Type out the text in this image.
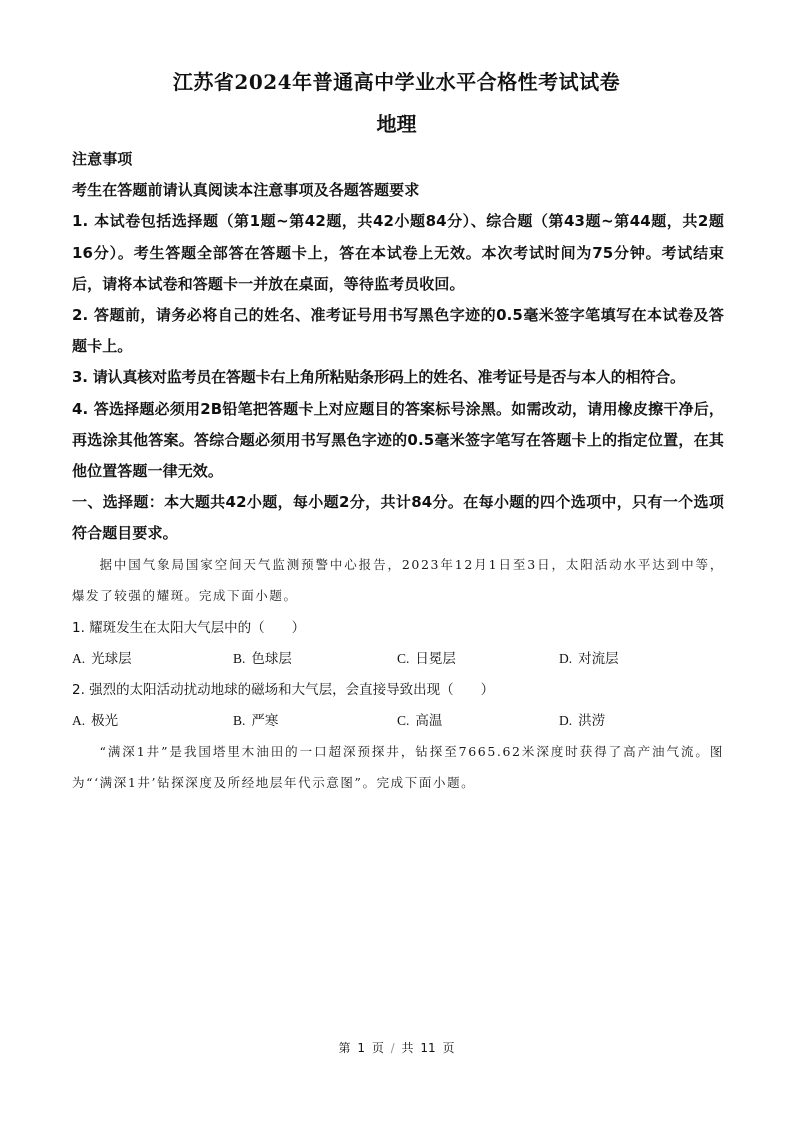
江苏省2024年普通高中学业水平合格性考试试卷
地理

注意事项

考生在答题前请认真阅读本注意事项及各题答题要求

1. 本试卷包括选择题（第1题~第42题，共42小题84分）、综合题（第43题~第44题，共2题16分）。考生答题全部答在答题卡上，答在本试卷上无效。本次考试时间为75分钟。考试结束后，请将本试卷和答题卡一并放在桌面，等待监考员收回。

2. 答题前，请务必将自己的姓名、准考证号用书写黑色字迹的0.5毫米签字笔填写在本试卷及答题卡上。

3. 请认真核对监考员在答题卡右上角所粘贴条形码上的姓名、准考证号是否与本人的相符合。

4. 答选择题必须用2B铅笔把答题卡上对应题目的答案标号涂黑。如需改动，请用橡皮擦干净后，再选涂其他答案。答综合题必须用书写黑色字迹的0.5毫米签字笔写在答题卡上的指定位置，在其他位置答题一律无效。

一、选择题：本大题共42小题，每小题2分，共计84分。在每小题的四个选项中，只有一个选项符合题目要求。

据中国气象局国家空间天气监测预警中心报告，2023年12月1日至3日，太阳活动水平达到中等，爆发了较强的耀斑。完成下面小题。

1. 耀斑发生在太阳大气层中的（　　）
A. 光球层	B. 色球层	C. 日冕层	D. 对流层
2. 强烈的太阳活动扰动地球的磁场和大气层，会直接导致出现（　　）
A. 极光	B. 严寒	C. 高温	D. 洪涝

“满深1井”是我国塔里木油田的一口超深预探井，钻探至7665.62米深度时获得了高产油气流。图为“‘满深1井’钻探深度及所经地层年代示意图”。完成下面小题。

第 1 页 / 共 11 页
